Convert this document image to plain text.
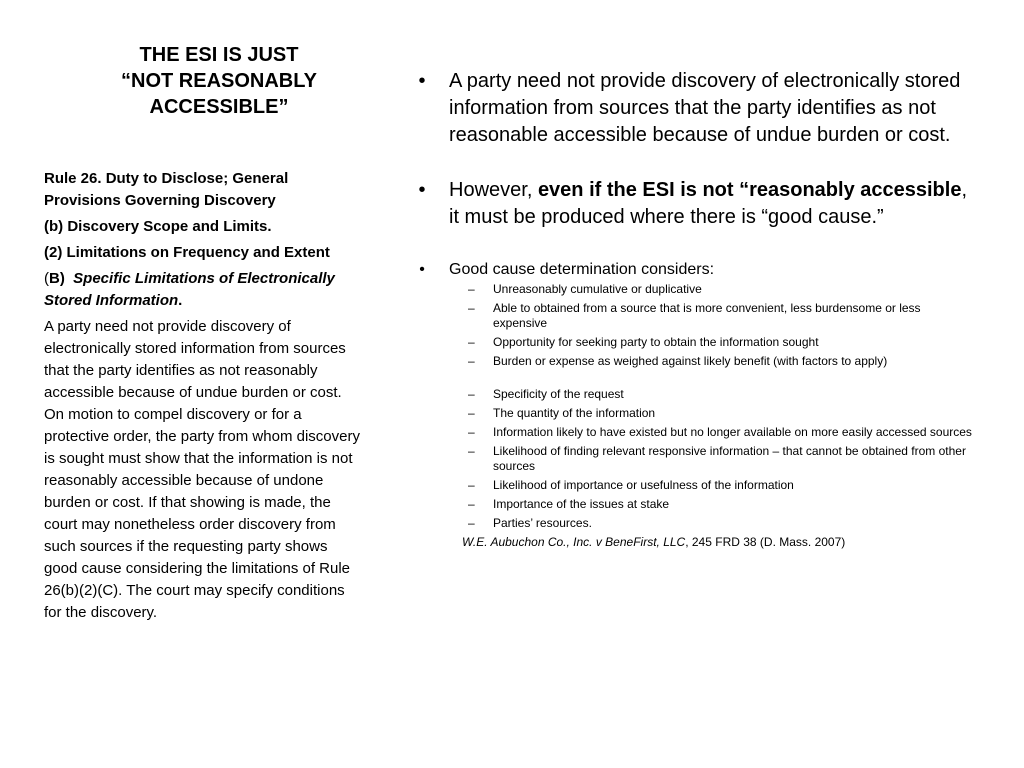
THE ESI IS JUST
“NOT REASONABLY
ACCESSIBLE”

Rule 26. Duty to Disclose; General Provisions Governing Discovery

(b) Discovery Scope and Limits.

(2) Limitations on Frequency and Extent

(B) Specific Limitations of Electronically Stored Information.

A party need not provide discovery of electronically stored information from sources that the party identifies as not reasonably accessible because of undue burden or cost. On motion to compel discovery or for a protective order, the party from whom discovery is sought must show that the information is not reasonably accessible because of undone burden or cost. If that showing is made, the court may nonetheless order discovery from such sources if the requesting party shows good cause considering the limitations of Rule 26(b)(2)(C). The court may specify conditions for the discovery.

•	A party need not provide discovery of electronically stored information from sources that the party identifies as not reasonable accessible because of undue burden or cost.
•	However, even if the ESI is not “reasonably accessible, it must be produced where there is “good cause.”
•	Good cause determination considers:
– Unreasonably cumulative or duplicative
– Able to obtained from a source that is more convenient, less burdensome or less expensive
– Opportunity for seeking party to obtain the information sought
– Burden or expense as weighed against likely benefit (with factors to apply)
– Specificity of the request
– The quantity of the information
– Information likely to have existed but no longer available on more easily accessed sources
– Likelihood of finding relevant responsive information – that cannot be obtained from other sources
– Likelihood of importance or usefulness of the information
– Importance of the issues at stake
– Parties’ resources.
W.E. Aubuchon Co., Inc. v BeneFirst, LLC, 245 FRD 38 (D. Mass. 2007)
